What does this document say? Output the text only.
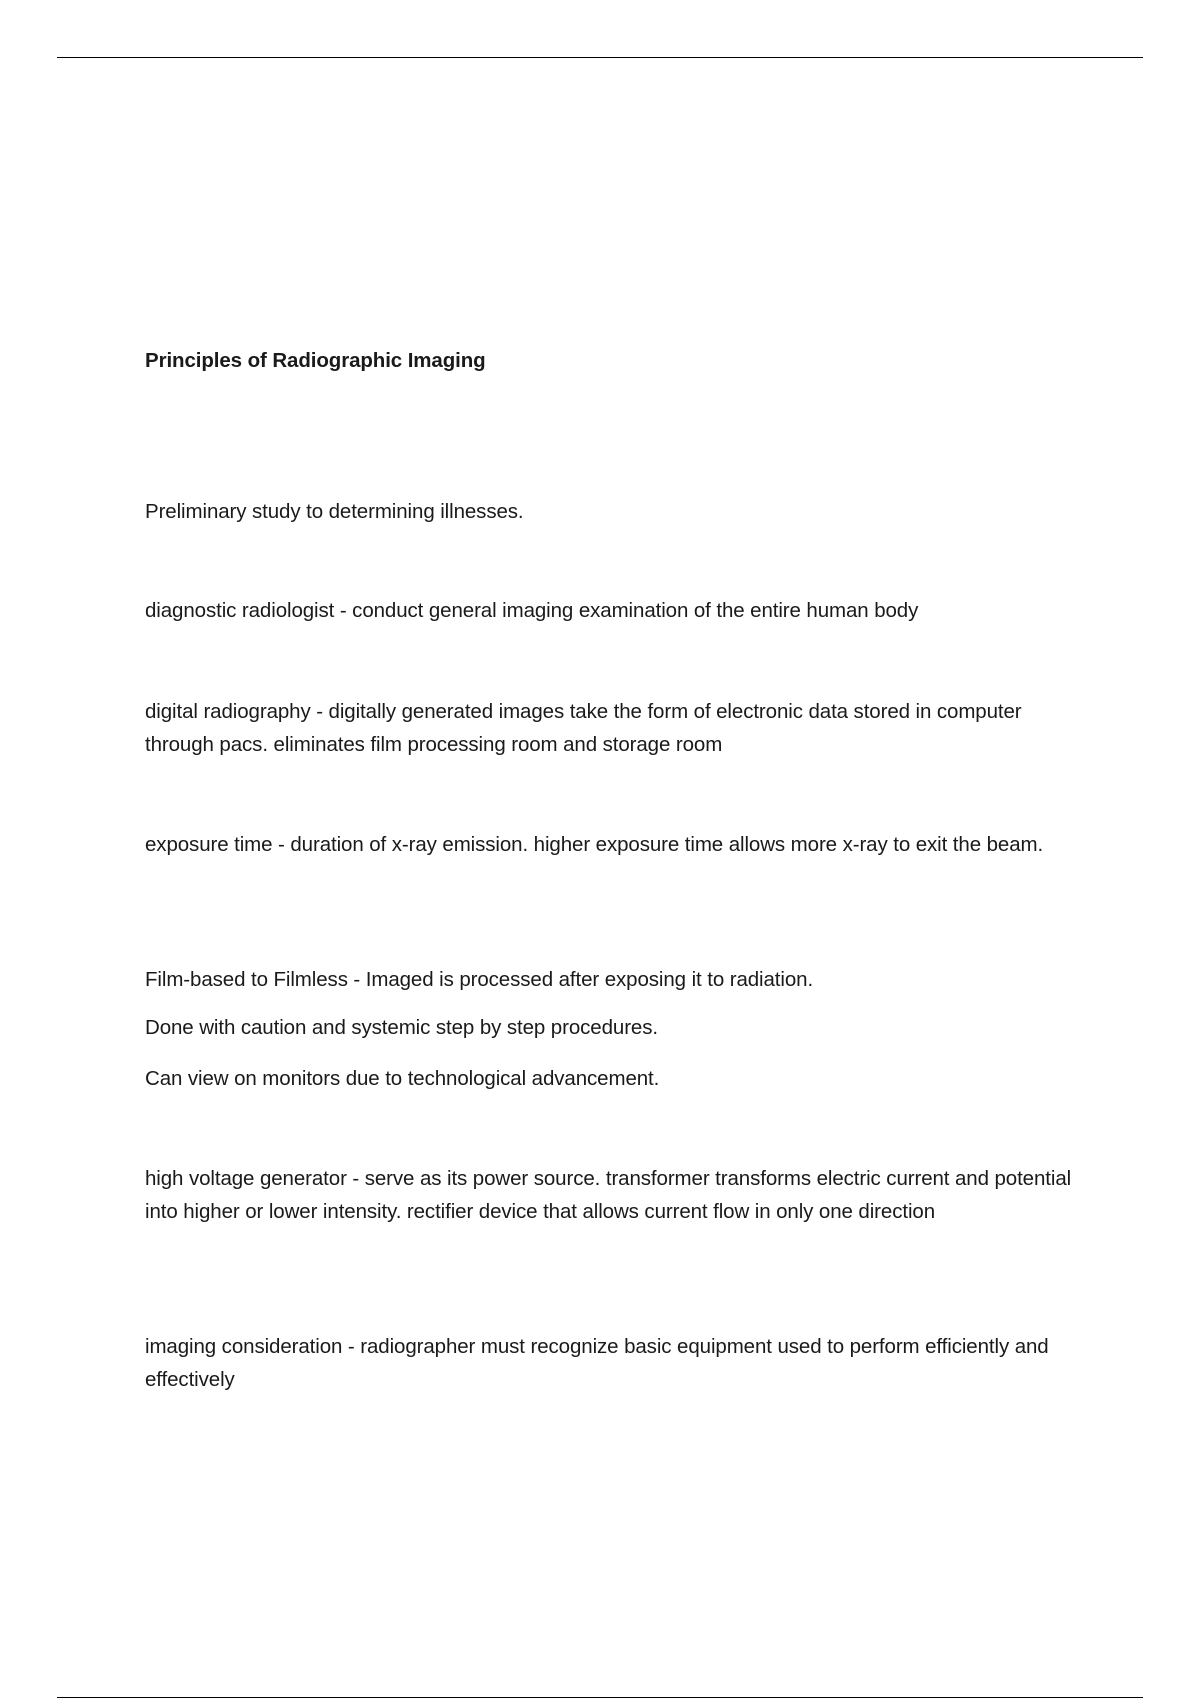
Principles of Radiographic Imaging

Preliminary study to determining illnesses.

diagnostic radiologist - conduct general imaging examination of the entire human body

digital radiography - digitally generated images take the form of electronic data stored in computer through pacs. eliminates film processing room and storage room

exposure time - duration of x-ray emission. higher exposure time allows more x-ray to exit the beam.

Film-based to Filmless - Imaged is processed after exposing it to radiation.

Done with caution and systemic step by step procedures.

Can view on monitors due to technological advancement.

high voltage generator - serve as its power source. transformer transforms electric current and potential into higher or lower intensity. rectifier device that allows current flow in only one direction

imaging consideration - radiographer must recognize basic equipment used to perform efficiently and effectively
